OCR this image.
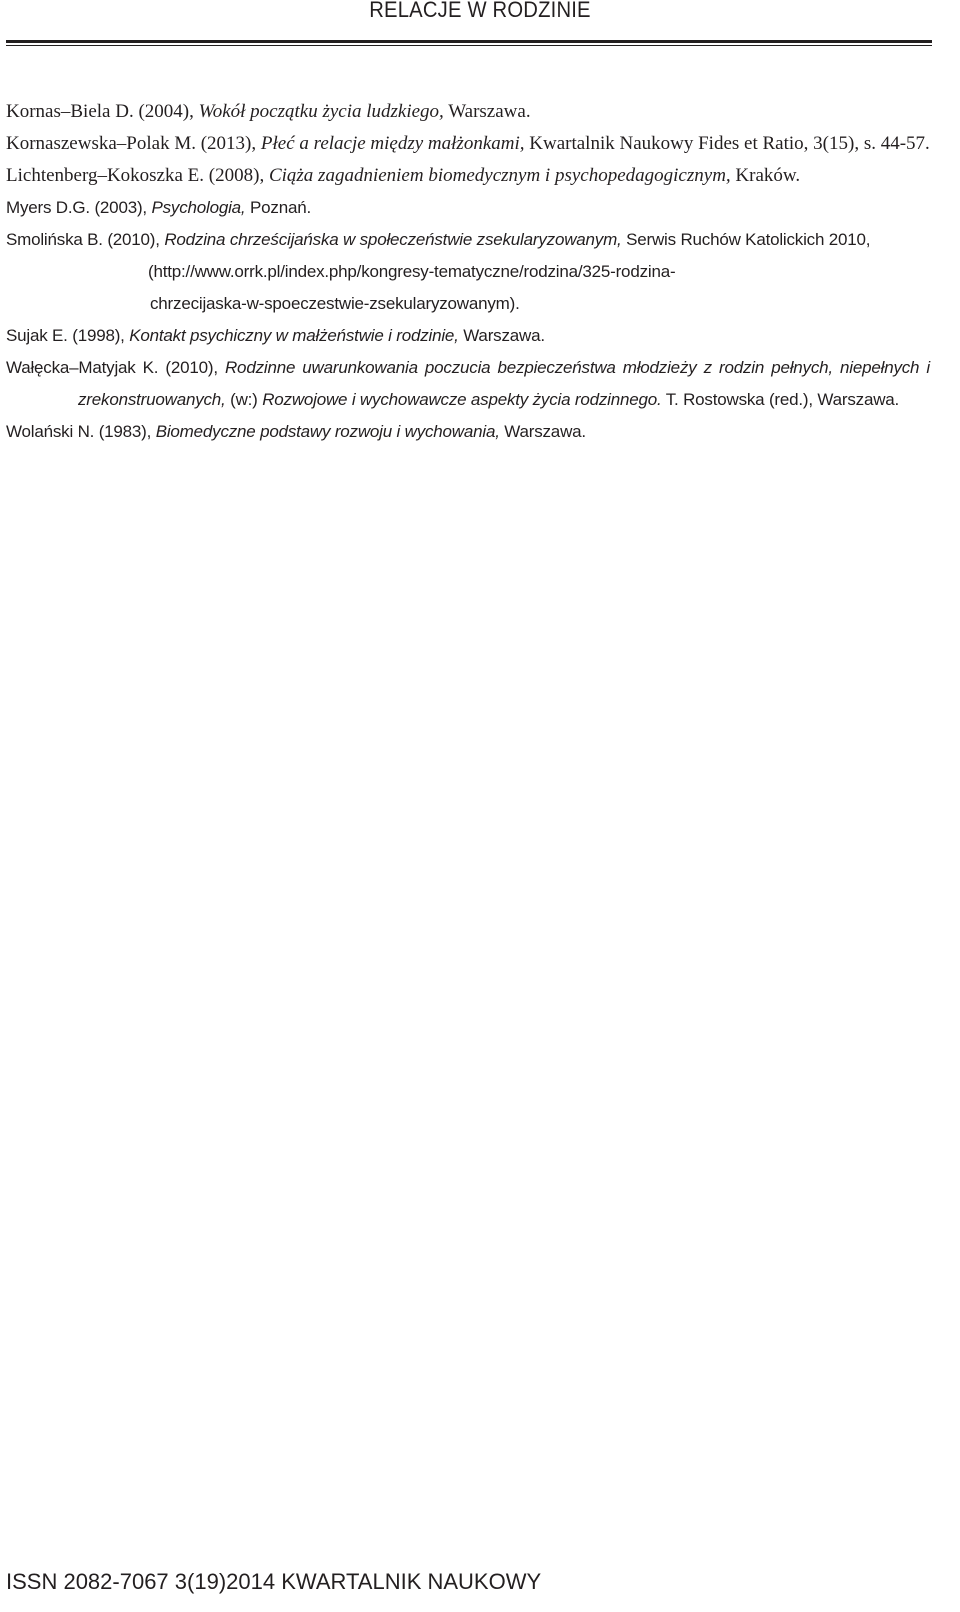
RELACJE W RODZINIE

Kornas–Biela D. (2004), Wokół początku życia ludzkiego, Warszawa.

Kornaszewska–Polak M. (2013), Płeć a relacje między małżonkami, Kwartalnik Naukowy Fides et Ratio, 3(15), s. 44-57.

Lichtenberg–Kokoszka E. (2008), Ciąża zagadnieniem biomedycznym i psychopedagogicznym, Kraków.

Myers D.G. (2003), Psychologia, Poznań.

Smolińska B. (2010), Rodzina chrześcijańska w społeczeństwie zsekularyzowanym, Serwis Ruchów Katolickich 2010,
(http://www.orrk.pl/index.php/kongresy-tematyczne/rodzina/325-rodzina-
chrzecijaska-w-spoeczestwie-zsekularyzowanym).

Sujak E. (1998), Kontakt psychiczny w małżeństwie i rodzinie, Warszawa.

Wałęcka–Matyjak K. (2010), Rodzinne uwarunkowania poczucia bezpieczeństwa młodzieży z rodzin pełnych, niepełnych i zrekonstruowanych, (w:) Rozwojowe i wychowawcze aspekty życia rodzinnego. T. Rostowska (red.), Warszawa.

Wolański N. (1983), Biomedyczne podstawy rozwoju i wychowania, Warszawa.

ISSN 2082-7067 3(19)2014 KWARTALNIK NAUKOWY
